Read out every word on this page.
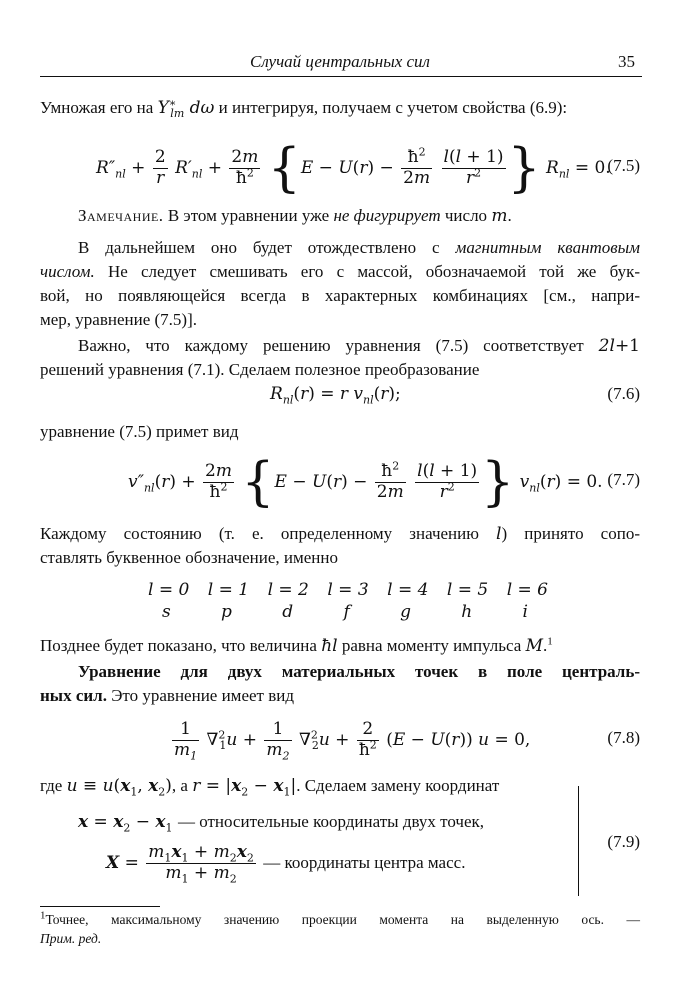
Случай центральных сил	35
Умножая его на $Y^∗_{lm}$ dω и интегрируя, получаем с учетом свойства (6.9):
$R''_{nl} + \frac{2}{r} R'_{nl} + \frac{2m}{ħ^2} \{E - U(r) - \frac{ħ^2}{2m}$
$\frac{l(l + 1)}{r^2}$ } $R_{nl} = 0$.
(7.5)
Замечание. В этом уравнении уже не фигурирует число m.
В дальнейшем оно будет отождествлено с магнитным квантовым
числом. Не следует смешивать его с массой, обозначаемой той же бук-
вой, но появляющейся всегда в характерных комбинациях [см., напри-
мер, уравнение (7.5)].
Важно, что каждому решению уравнения (7.5) соответствует 2l+1
решений уравнения (7.1). Сделаем полезное преобразование
$R_{nl}(r) = r$ $v_{nl}(r)$;	(7.6)
уравнение (7.5) примет вид
$v''_{nl}(r) + \frac{2m}{ħ^2} \{E - U(r) - \frac{ħ^2}{2m}$
$\frac{l(l + 1)}{r^2}$ } $v_{nl}(r) = 0$. (7.7)
Каждому состоянию (т. е. определенному значению l) принято сопо-
ставлять буквенное обозначение, именно
l = 0 l = 1 l = 2 l = 3 l = 4 l = 5 l = 6
s	p	d	f	g	h	i
Позднее будет показано, что величина ħl равна моменту импульса M.$^1$
Уравнение для двух материальных точек в поле централь-
ных сил. Это уравнение имеет вид
$\frac{1}{m_1} \nabla^2_1u + \frac{1}{m_2} \nabla^2_2u + \frac{2}{ħ^2} (E - U(r)) u = 0$,	(7.8)
где $u \equiv u(x_1$, $x_2$), а $r = |x_2 - x_1|$. Сделаем замену координат
$x = x_2 - x_1$ — относительные координаты двух точек,
$X = \frac{m_1x_1 + m_2x_2}{m_1 + m_2}$ — координаты центра масс.
(7.9)
$^1$Точнее, максимальному значению проекции момента на выделенную ось. —
Прим. ред.
